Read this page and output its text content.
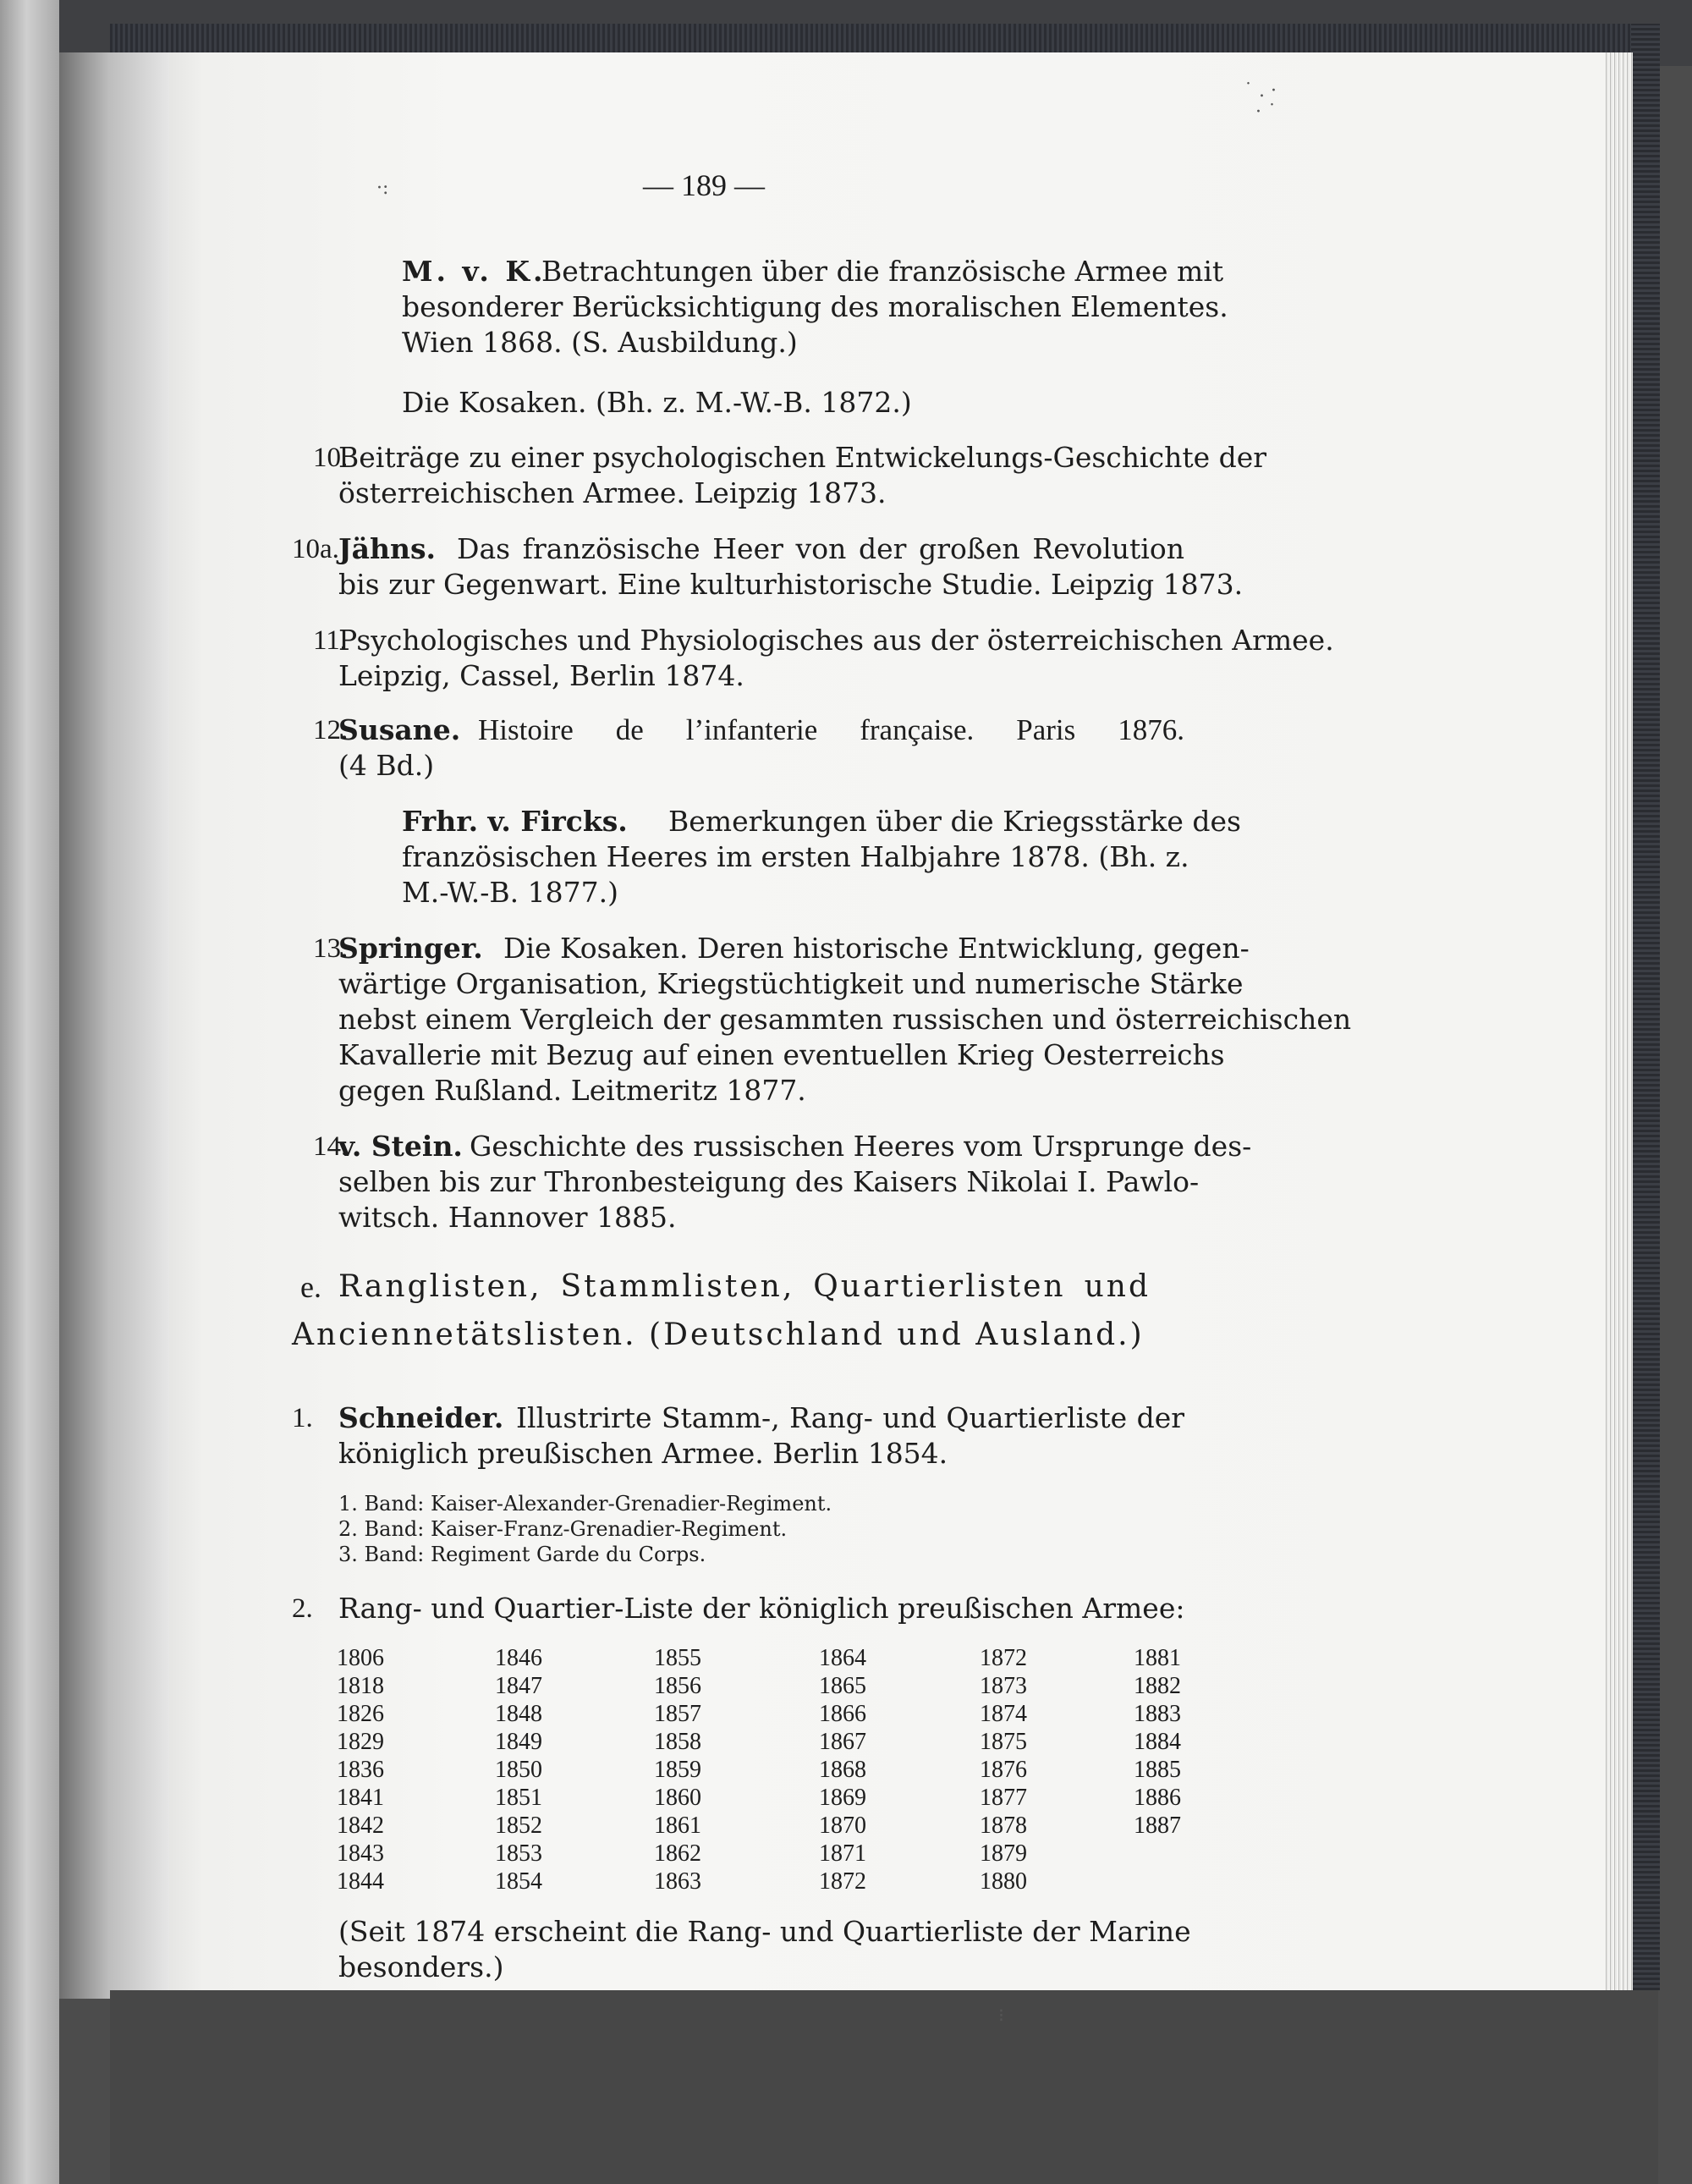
˙ . ·
· ˙
·:
⁝

— 189 —

M. v. K.

Betrachtungen über die französische Armee mit

besonderer Berücksichtigung des moralischen Elementes.

Wien 1868. (S. Ausbildung.)

Die Kosaken. (Bh. z. M.-W.-B. 1872.)

10.

Beiträge zu einer psychologischen Entwickelungs-Geschichte der

österreichischen Armee. Leipzig 1873.

10a. Jähns. Das französische Heer von der großen Revolution

bis zur Gegenwart. Eine kulturhistorische Studie. Leipzig 1873.

11.

Psychologisches und Physiologisches aus der österreichischen Armee.

Leipzig, Cassel, Berlin 1874.

12.

Susane. Histoire de l’infanterie française. Paris 1876.

(4 Bd.)

Frhr. v. Fircks. Bemerkungen über die Kriegsstärke des

französischen Heeres im ersten Halbjahre 1878. (Bh. z.

M.-W.-B. 1877.)

13.

Springer. Die Kosaken. Deren historische Entwicklung, gegen-

wärtige Organisation, Kriegstüchtigkeit und numerische Stärke

nebst einem Vergleich der gesammten russischen und österreichischen

Kavallerie mit Bezug auf einen eventuellen Krieg Oesterreichs

gegen Rußland. Leitmeritz 1877.

14.

v. Stein. Geschichte des russischen Heeres vom Ursprunge des-

selben bis zur Thronbesteigung des Kaisers Nikolai I. Pawlo-

witsch. Hannover 1885.

e. Ranglisten, Stammlisten, Quartierlisten und

Anciennetätslisten. (Deutschland und Ausland.)

1. Schneider. Illustrirte Stamm-, Rang- und Quartierliste der

königlich preußischen Armee. Berlin 1854.

1. Band: Kaiser-Alexander-Grenadier-Regiment.

2. Band: Kaiser-Franz-Grenadier-Regiment.

3. Band: Regiment Garde du Corps.

2. Rang- und Quartier-Liste der königlich preußischen Armee:

1806

1818

1826

1829

1836

1841

1842

1843

1844

1846

1847

1848

1849

1850

1851

1852

1853

1854

1855

1856

1857

1858

1859

1860

1861

1862

1863

1864

1865

1866

1867

1868

1869

1870

1871

1872

1872

1873

1874

1875

1876

1877

1878

1879

1880

1881

1882

1883

1884

1885

1886

1887

(Seit 1874 erscheint die Rang- und Quartierliste der Marine

besonders.)
